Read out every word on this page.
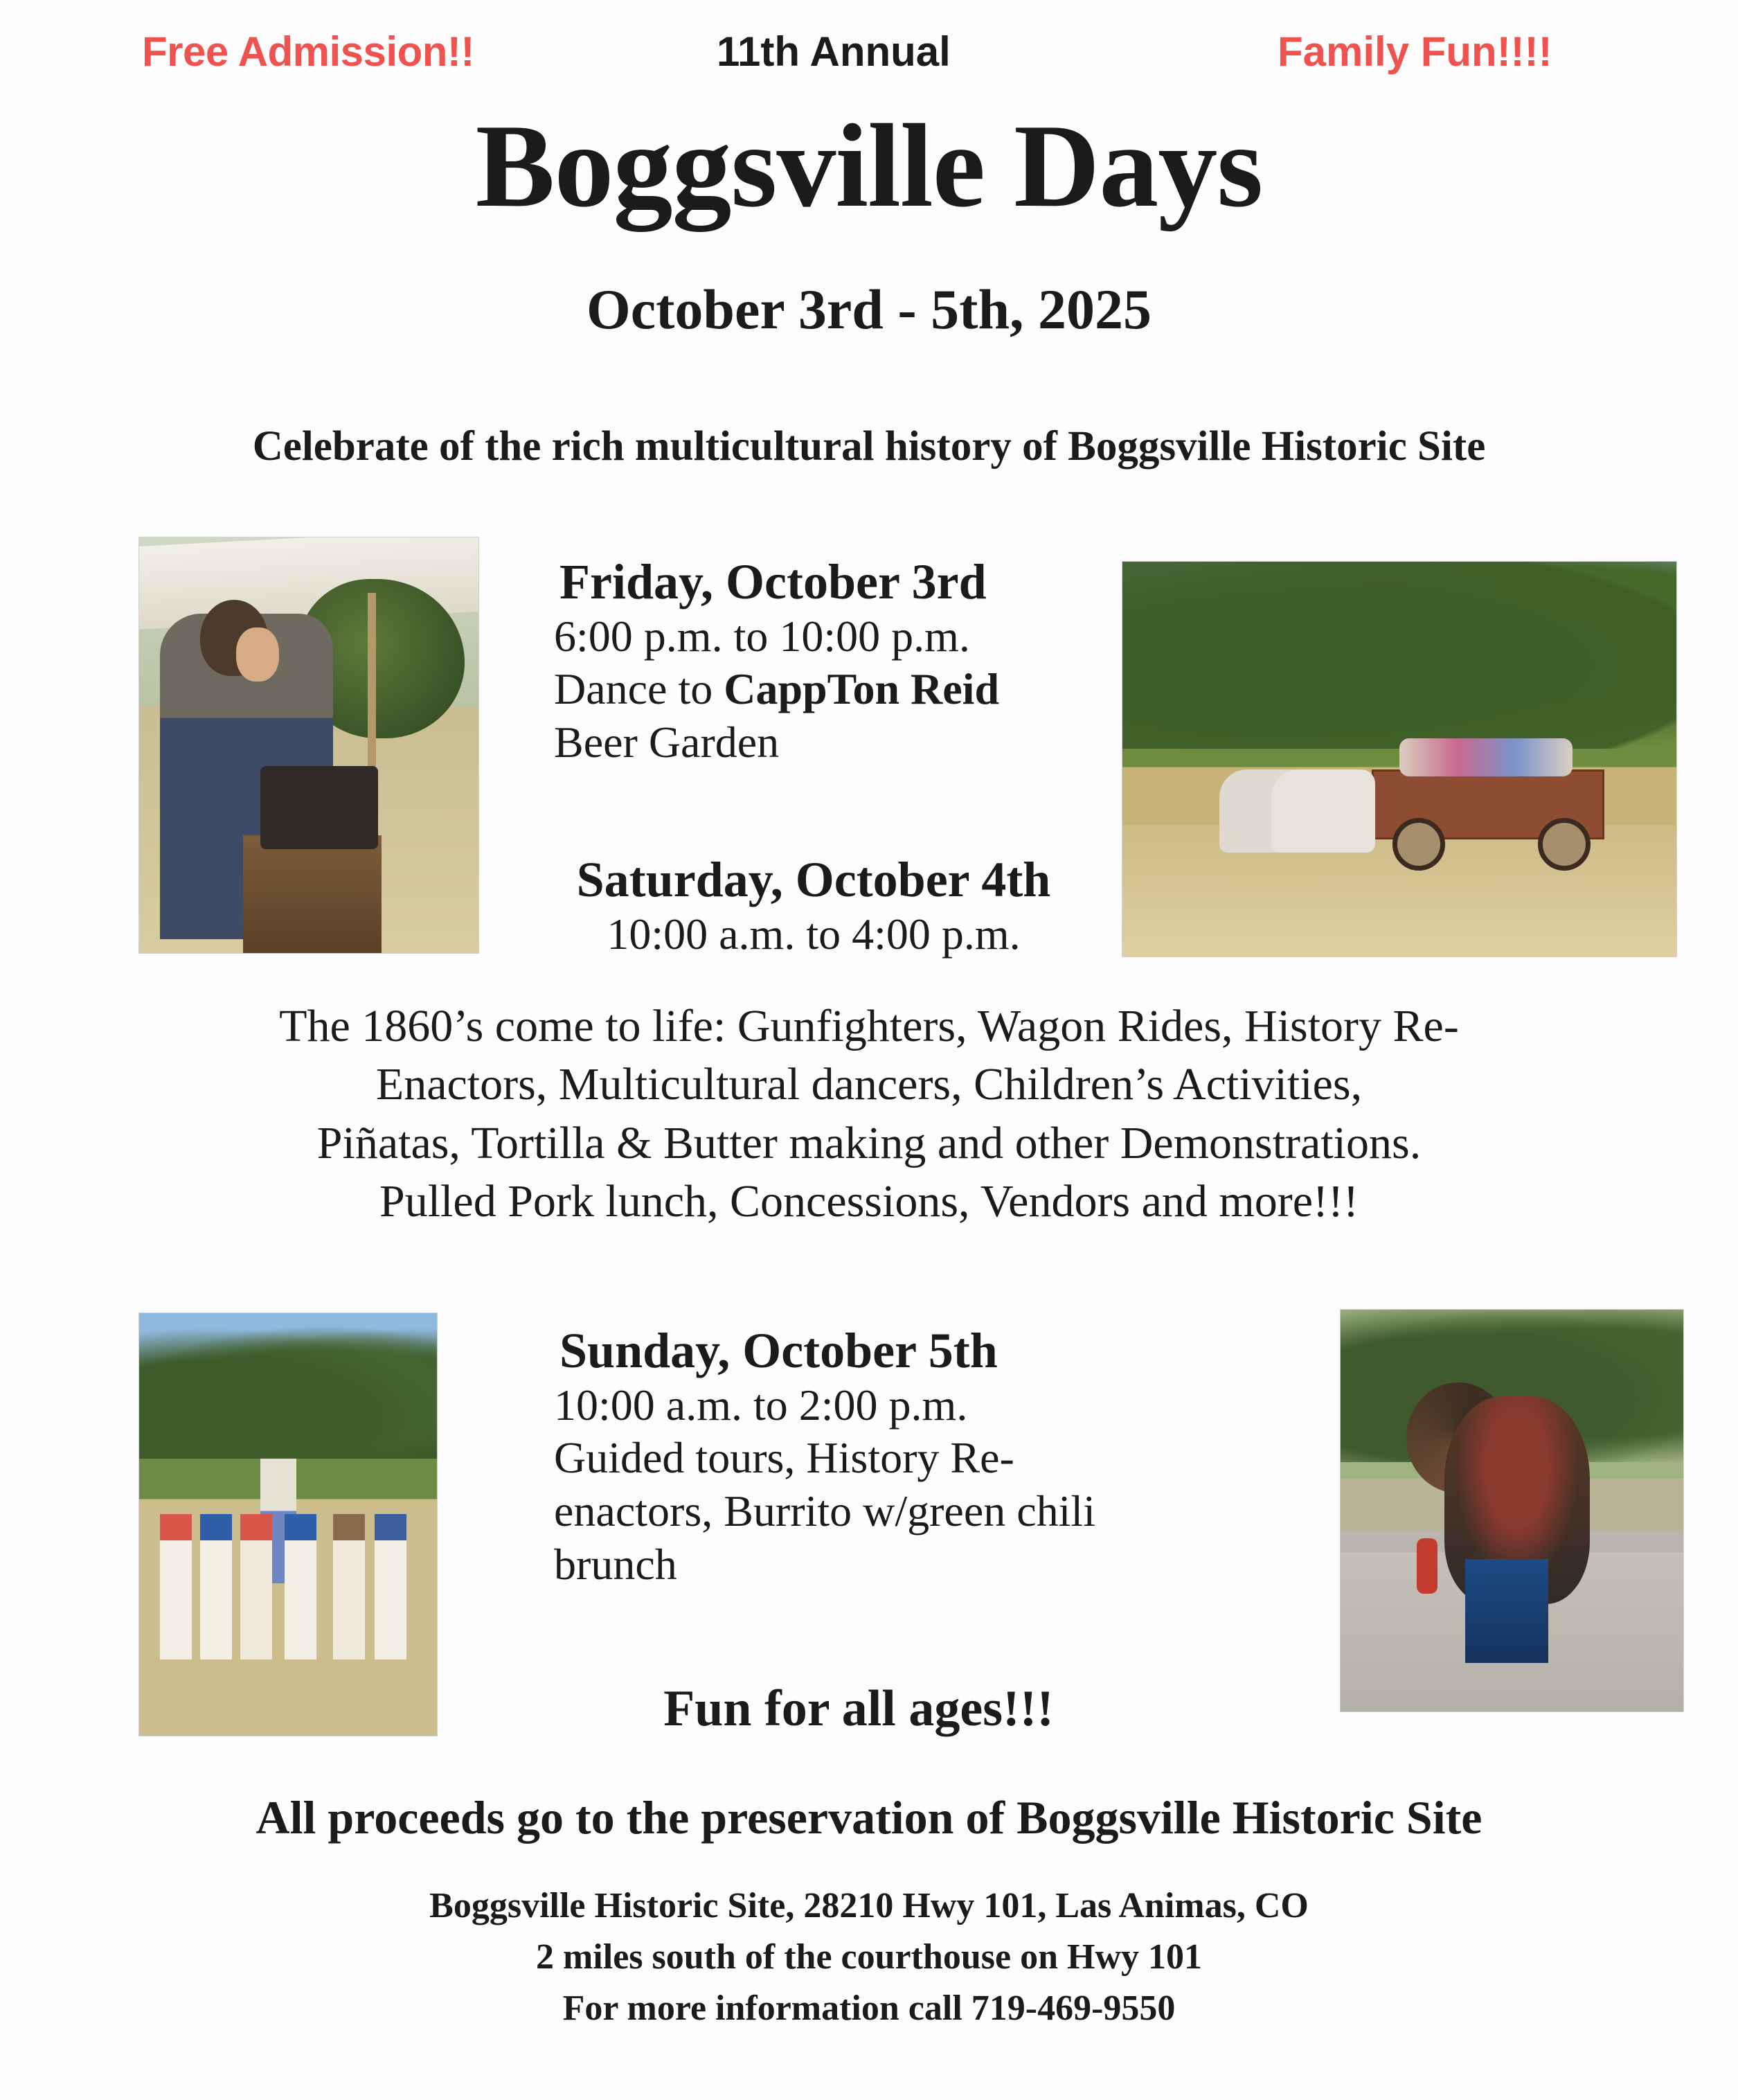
Free Admission!!	11th Annual	Family Fun!!!!
Boggsville Days
October 3rd - 5th, 2025
Celebrate of the rich multicultural history of Boggsville Historic Site
Friday, October 3rd
6:00 p.m. to 10:00 p.m.
Dance to CappTon Reid
Beer Garden
Saturday, October 4th
10:00 a.m. to 4:00 p.m.
The 1860’s come to life: Gunfighters, Wagon Rides, History Re-
Enactors, Multicultural dancers, Children’s Activities,
Piñatas, Tortilla & Butter making and other Demonstrations.
Pulled Pork lunch, Concessions, Vendors and more!!!
Sunday, October 5th
10:00 a.m. to 2:00 p.m.
Guided tours, History Re-
enactors, Burrito w/green chili
brunch
Fun for all ages!!!
All proceeds go to the preservation of Boggsville Historic Site
Boggsville Historic Site, 28210 Hwy 101, Las Animas, CO
2 miles south of the courthouse on Hwy 101
For more information call 719-469-9550
